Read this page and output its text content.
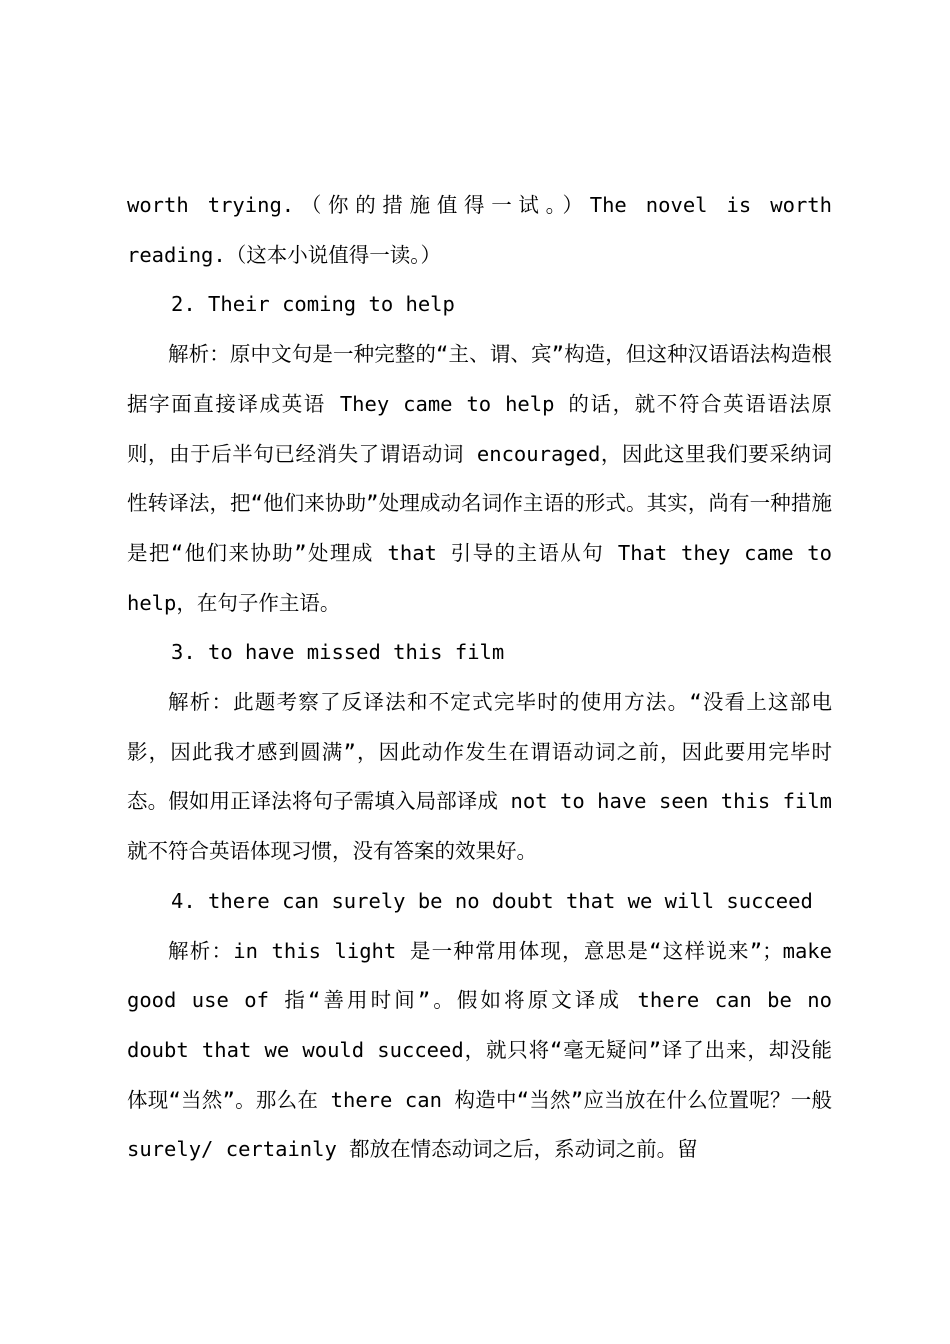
worth trying.（你的措施值得一试。）The novel is worth reading.（这本小说值得一读。）

2. Their coming to help

解析：原中文句是一种完整的“主、谓、宾”构造，但这种汉语语法构造根据字面直接译成英语 They came to help 的话，就不符合英语语法原则，由于后半句已经消失了谓语动词 encouraged，因此这里我们要采纳词性转译法，把“他们来协助”处理成动名词作主语的形式。其实，尚有一种措施是把“他们来协助”处理成 that 引导的主语从句 That they came to help，在句子作主语。

3. to have missed this film

解析：此题考察了反译法和不定式完毕时的使用方法。“没看上这部电影，因此我才感到圆满”，因此动作发生在谓语动词之前，因此要用完毕时态。假如用正译法将句子需填入局部译成 not to have seen this film 就不符合英语体现习惯，没有答案的效果好。

4. there can surely be no doubt that we will succeed

解析：in this light 是一种常用体现，意思是“这样说来”；make good use of 指“善用时间”。假如将原文译成 there can be no doubt that we would succeed，就只将“毫无疑问”译了出来，却没能体现“当然”。那么在 there can 构造中“当然”应当放在什么位置呢？一般 surely/ certainly 都放在情态动词之后，系动词之前。留
